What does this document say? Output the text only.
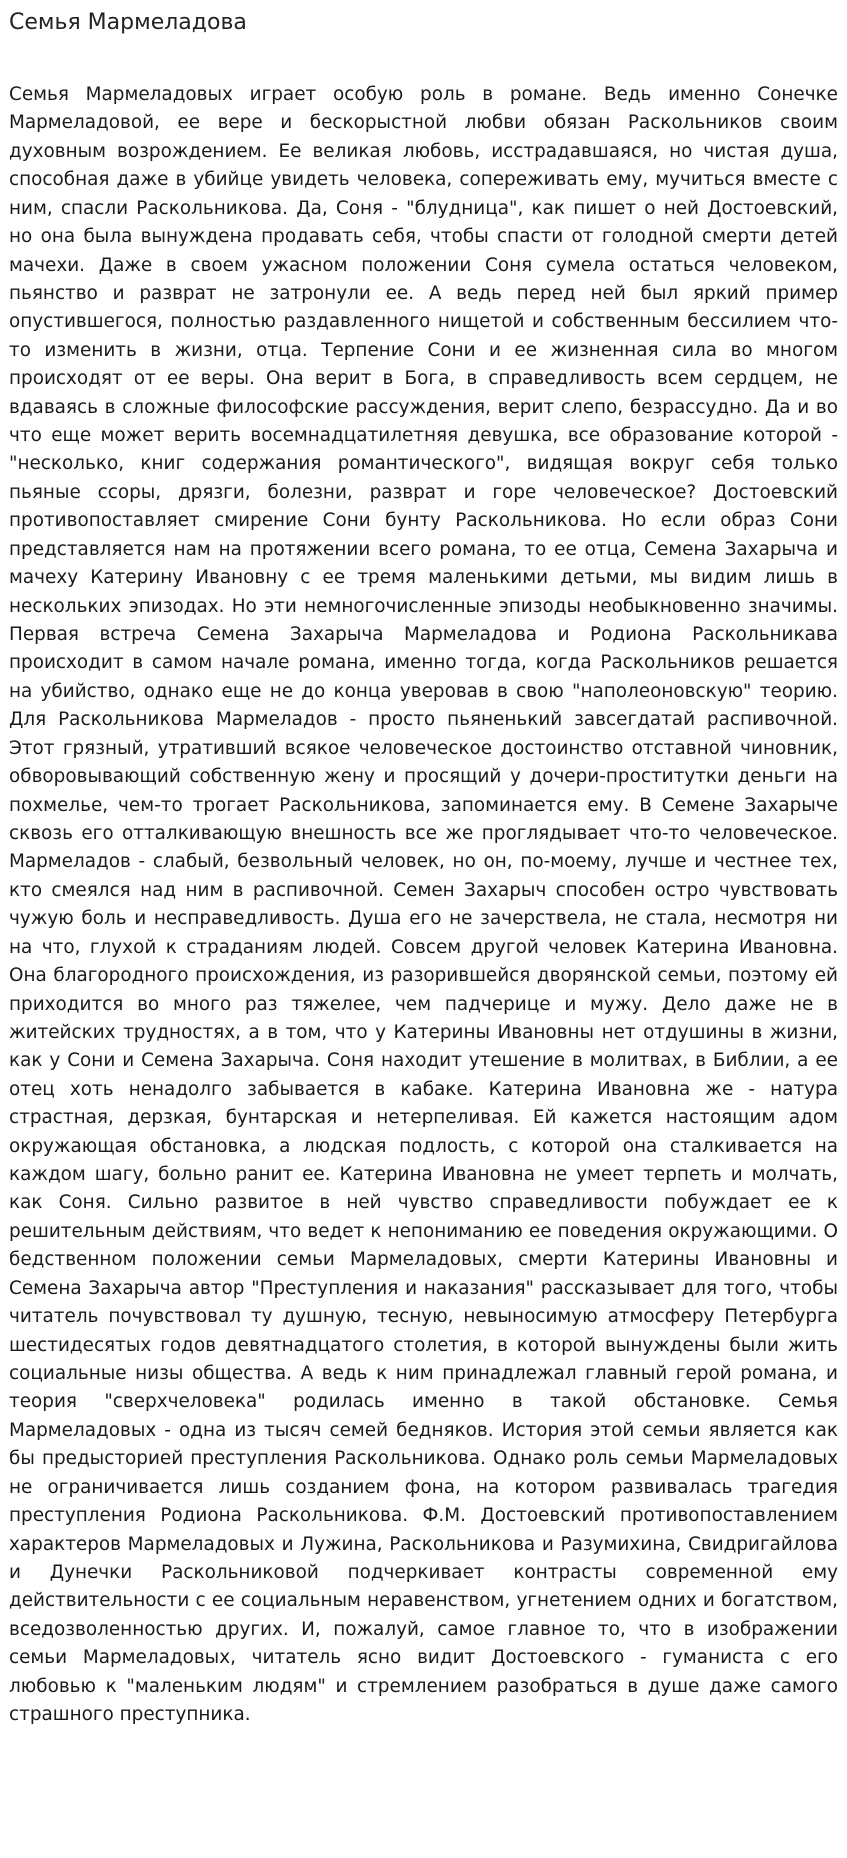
Семья Мармеладова

Семья Мармеладовых играет особую роль в романе. Ведь именно Сонечке Мармеладовой, ее вере и бескорыстной любви обязан Раскольников своим духовным возрождением. Ее великая любовь, исстрадавшаяся, но чистая душа, способная даже в убийце увидеть человека, сопереживать ему, мучиться вместе с ним, спасли Раскольникова. Да, Соня - "блудница", как пишет о ней Достоевский, но она была вынуждена продавать себя, чтобы спасти от голодной смерти детей мачехи. Даже в своем ужасном положении Соня сумела остаться человеком, пьянство и разврат не затронули ее. А ведь перед ней был яркий пример опустившегося, полностью раздавленного нищетой и собственным бессилием что-то изменить в жизни, отца. Терпение Сони и ее жизненная сила во многом происходят от ее веры. Она верит в Бога, в справедливость всем сердцем, не вдаваясь в сложные философские рассуждения, верит слепо, безрассудно. Да и во что еще может верить восемнадцатилетняя девушка, все образование которой - "несколько, книг содержания романтического", видящая вокруг себя только пьяные ссоры, дрязги, болезни, разврат и горе человеческое? Достоевский противопоставляет смирение Сони бунту Раскольникова. Но если образ Сони представляется нам на протяжении всего романа, то ее отца, Семена Захарыча и мачеху Катерину Ивановну с ее тремя маленькими детьми, мы видим лишь в нескольких эпизодах. Но эти немногочисленные эпизоды необыкновенно значимы. Первая встреча Семена Захарыча Мармеладова и Родиона Раскольникава происходит в самом начале романа, именно тогда, когда Раскольников решается на убийство, однако еще не до конца уверовав в свою "наполеоновскую" теорию. Для Раскольникова Мармеладов - просто пьяненький завсегдатай распивочной. Этот грязный, утративший всякое человеческое достоинство отставной чиновник, обворовывающий собственную жену и просящий у дочери-проститутки деньги на похмелье, чем-то трогает Раскольникова, запоминается ему. В Семене Захарыче сквозь его отталкивающую внешность все же проглядывает что-то человеческое. Мармеладов - слабый, безвольный человек, но он, по-моему, лучше и честнее тех, кто смеялся над ним в распивочной. Семен Захарыч способен остро чувствовать чужую боль и несправедливость. Душа его не зачерствела, не стала, несмотря ни на что, глухой к страданиям людей. Совсем другой человек Катерина Ивановна. Она благородного происхождения, из разорившейся дворянской семьи, поэтому ей приходится во много раз тяжелее, чем падчерице и мужу. Дело даже не в житейских трудностях, а в том, что у Катерины Ивановны нет отдушины в жизни, как у Сони и Семена Захарыча. Соня находит утешение в молитвах, в Библии, а ее отец хоть ненадолго забывается в кабаке. Катерина Ивановна же - натура страстная, дерзкая, бунтарская и нетерпеливая. Ей кажется настоящим адом окружающая обстановка, а людская подлость, с которой она сталкивается на каждом шагу, больно ранит ее. Катерина Ивановна не умеет терпеть и молчать, как Соня. Сильно развитое в ней чувство справедливости побуждает ее к решительным действиям, что ведет к непониманию ее поведения окружающими. О бедственном положении семьи Мармеладовых, смерти Катерины Ивановны и Семена Захарыча автор "Преступления и наказания" рассказывает для того, чтобы читатель почувствовал ту душную, тесную, невыносимую атмосферу Петербурга шестидесятых годов девятнадцатого столетия, в которой вынуждены были жить социальные низы общества. А ведь к ним принадлежал главный герой романа, и теория "сверхчеловека" родилась именно в такой обстановке. Семья Мармеладовых - одна из тысяч семей бедняков. История этой семьи является как бы предысторией преступления Раскольникова. Однако роль семьи Мармеладовых не ограничивается лишь созданием фона, на котором развивалась трагедия преступления Родиона Раскольникова. Ф.М. Достоевский противопоставлением характеров Мармеладовых и Лужина, Раскольникова и Разумихина, Свидригайлова и Дунечки Раскольниковой подчеркивает контрасты современной ему действительности с ее социальным неравенством, угнетением одних и богатством, вседозволенностью других. И, пожалуй, самое главное то, что в изображении семьи Мармеладовых, читатель ясно видит Достоевского - гуманиста с его любовью к "маленьким людям" и стремлением разобраться в душе даже самого страшного преступника.
